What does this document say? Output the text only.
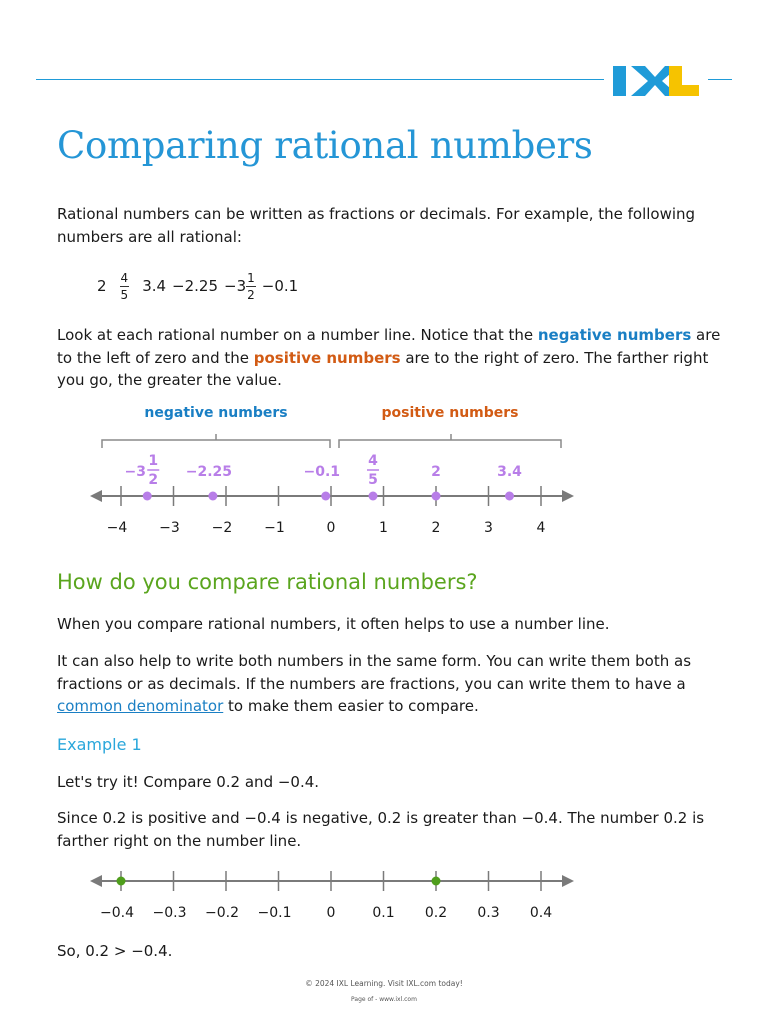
Comparing rational numbers

Rational numbers can be written as fractions or decimals. For example, the following numbers are all rational:

$2 \frac{4}{5} 3.4 -2.25 -3 \frac{1}{2} -0.1$

Look at each rational number on a number line. Notice that the negative numbers are to the left of zero and the positive numbers are to the right of zero. The farther right you go, the greater the value.

−4 −3 −2 −1	0	1	2	3	4
negative numbers	positive numbers
−3
1
2 −2.25	−0.1
4
5	2	3.4
How do you compare rational numbers?

When you compare rational numbers, it often helps to use a number line.

It can also help to write both numbers in the same form. You can write them both as fractions or as decimals. If the numbers are fractions, you can write them to have a common denominator to make them easier to compare.

Example 1

Let's try it! Compare 0.2 and −0.4.

Since 0.2 is positive and −0.4 is negative, 0.2 is greater than −0.4. The number 0.2 is farther right on the number line.

−0.4 −0.3 −0.2 −0.1	0	0.1 0.2 0.3 0.4

So, 0.2 > −0.4.

© 2024 IXL Learning. Visit IXL.com today!
Page of - www.ixl.com
